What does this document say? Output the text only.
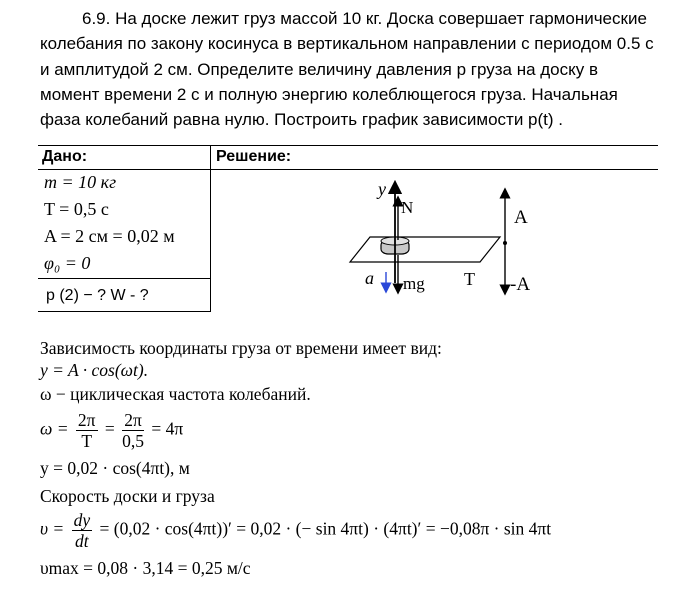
6.9. На доске лежит груз массой 10 кг. Доска совершает гармонические
колебания по закону косинуса в вертикальном направлении с периодом 0.5 с
и амплитудой 2 см. Определите величину давления p груза на доску в
момент времени 2 с и полную энергию колеблющегося груза. Начальная
фаза колебаний равна нулю. Построить график зависимости p(t) .
Дано:	Решение:
m = 10 кг
T = 0,5 с
A = 2 см = 0,02 м
φ₀ = 0
p (2) − ? W - ?
y
N
mg
a	T
A
-A
Зависимость координаты груза от времени имеет вид:
y = A · cos(ωt).
ω − циклическая частота колебаний.
$\omega = \frac{2\pi}{T} = \frac{2\pi}{0,5} = 4\pi$
y = 0,02 · cos(4πt), м
Скорость доски и груза
$\upsilon = \frac{dy}{dt} = (0,02 \cdot \cos(4\pi t))' = 0,02$ · (− sin 4πt) · (4πt)′ = −0,08π · sin 4πt
υmax = 0,08 · 3,14 = 0,25 м/с
